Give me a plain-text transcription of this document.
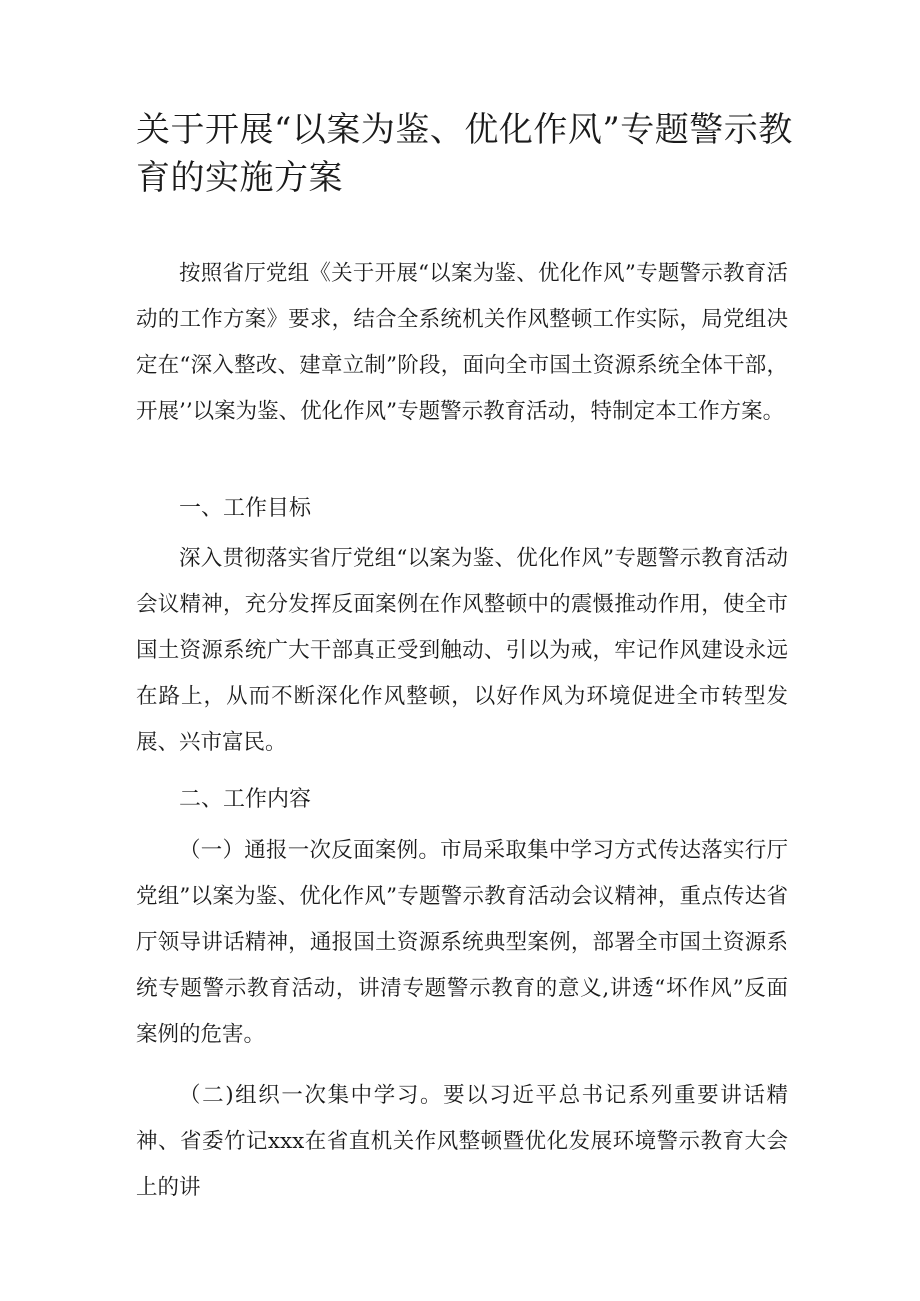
关于开展“以案为鉴、优化作风”专题警示教育的实施方案

按照省厅党组《关于开展“以案为鉴、优化作风”专题警示教育活动的工作方案》要求，结合全系统机关作风整顿工作实际，局党组决定在“深入整改、建章立制”阶段，面向全市国土资源系统全体干部，开展’’以案为鉴、优化作风”专题警示教育活动，特制定本工作方案。

一、工作目标

深入贯彻落实省厅党组“以案为鉴、优化作风”专题警示教育活动会议精神，充分发挥反面案例在作风整顿中的震慑推动作用，使全市国土资源系统广大干部真正受到触动、引以为戒，牢记作风建设永远在路上，从而不断深化作风整顿，以好作风为环境促进全市转型发展、兴市富民。

二、工作内容

（一）通报一次反面案例。市局采取集中学习方式传达落实行厅党组”以案为鉴、优化作风”专题警示教育活动会议精神，重点传达省厅领导讲话精神，通报国土资源系统典型案例，部署全市国土资源系统专题警示教育活动，讲清专题警示教育的意义,讲透“坏作风”反面案例的危害。

（二)组织一次集中学习。要以习近平总书记系列重要讲话精神、省委竹记xxx在省直机关作风整顿暨优化发展环境警示教育大会上的讲
